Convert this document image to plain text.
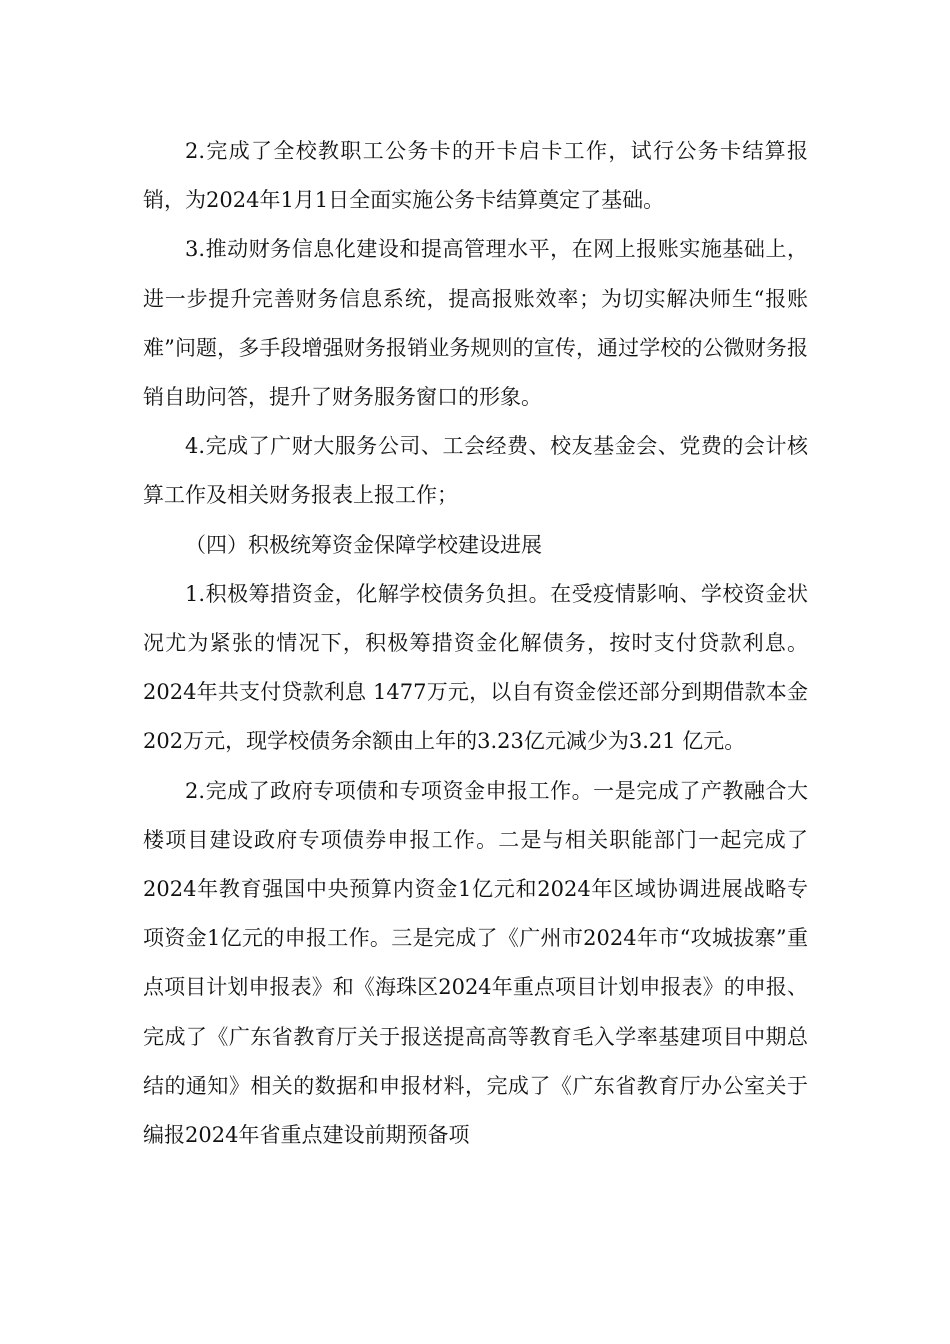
2.完成了全校教职工公务卡的开卡启卡工作，试行公务卡结算报销，为2024年1月1日全面实施公务卡结算奠定了基础。

3.推动财务信息化建设和提高管理水平，在网上报账实施基础上，进一步提升完善财务信息系统，提高报账效率；为切实解决师生“报账难”问题，多手段增强财务报销业务规则的宣传，通过学校的公微财务报销自助问答，提升了财务服务窗口的形象。

4.完成了广财大服务公司、工会经费、校友基金会、党费的会计核算工作及相关财务报表上报工作；

（四）积极统筹资金保障学校建设进展

1.积极筹措资金，化解学校债务负担。在受疫情影响、学校资金状况尤为紧张的情况下，积极筹措资金化解债务，按时支付贷款利息。2024年共支付贷款利息 1477万元，以自有资金偿还部分到期借款本金 202万元，现学校债务余额由上年的3.23亿元减少为3.21 亿元。

2.完成了政府专项债和专项资金申报工作。一是完成了产教融合大楼项目建设政府专项债券申报工作。二是与相关职能部门一起完成了2024年教育强国中央预算内资金1亿元和2024年区域协调进展战略专项资金1亿元的申报工作。三是完成了《广州市2024年市“攻城拔寨”重点项目计划申报表》和《海珠区2024年重点项目计划申报表》的申报、完成了《广东省教育厅关于报送提高高等教育毛入学率基建项目中期总结的通知》相关的数据和申报材料，完成了《广东省教育厅办公室关于编报2024年省重点建设前期预备项
